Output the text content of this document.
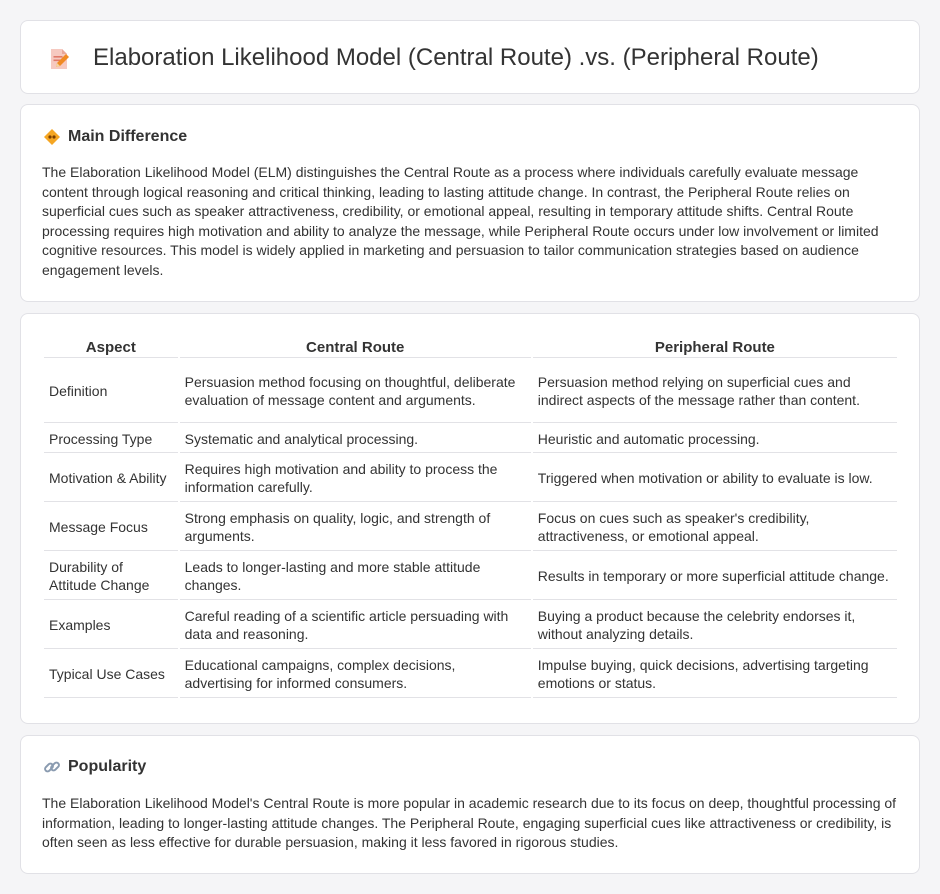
Elaboration Likelihood Model (Central Route) .vs. (Peripheral Route)
Main Difference

The Elaboration Likelihood Model (ELM) distinguishes the Central Route as a process where individuals carefully evaluate message content through logical reasoning and critical thinking, leading to lasting attitude change. In contrast, the Peripheral Route relies on superficial cues such as speaker attractiveness, credibility, or emotional appeal, resulting in temporary attitude shifts. Central Route processing requires high motivation and ability to analyze the message, while Peripheral Route occurs under low involvement or limited cognitive resources. This model is widely applied in marketing and persuasion to tailor communication strategies based on audience engagement levels.

Aspect	Central Route	Peripheral Route
Definition	Persuasion method focusing on thoughtful, deliberate evaluation of message content and arguments.	Persuasion method relying on superficial cues and indirect aspects of the message rather than content.
Processing Type	Systematic and analytical processing.	Heuristic and automatic processing.
Motivation & Ability	Requires high motivation and ability to process the information carefully.	Triggered when motivation or ability to evaluate is low.
Message Focus	Strong emphasis on quality, logic, and strength of arguments.	Focus on cues such as speaker's credibility, attractiveness, or emotional appeal.
Durability of Attitude Change	Leads to longer-lasting and more stable attitude changes.	Results in temporary or more superficial attitude change.
Examples	Careful reading of a scientific article persuading with data and reasoning.	Buying a product because the celebrity endorses it, without analyzing details.
Typical Use Cases	Educational campaigns, complex decisions, advertising for informed consumers.	Impulse buying, quick decisions, advertising targeting emotions or status.
Popularity

The Elaboration Likelihood Model's Central Route is more popular in academic research due to its focus on deep, thoughtful processing of information, leading to longer-lasting attitude changes. The Peripheral Route, engaging superficial cues like attractiveness or credibility, is often seen as less effective for durable persuasion, making it less favored in rigorous studies.
